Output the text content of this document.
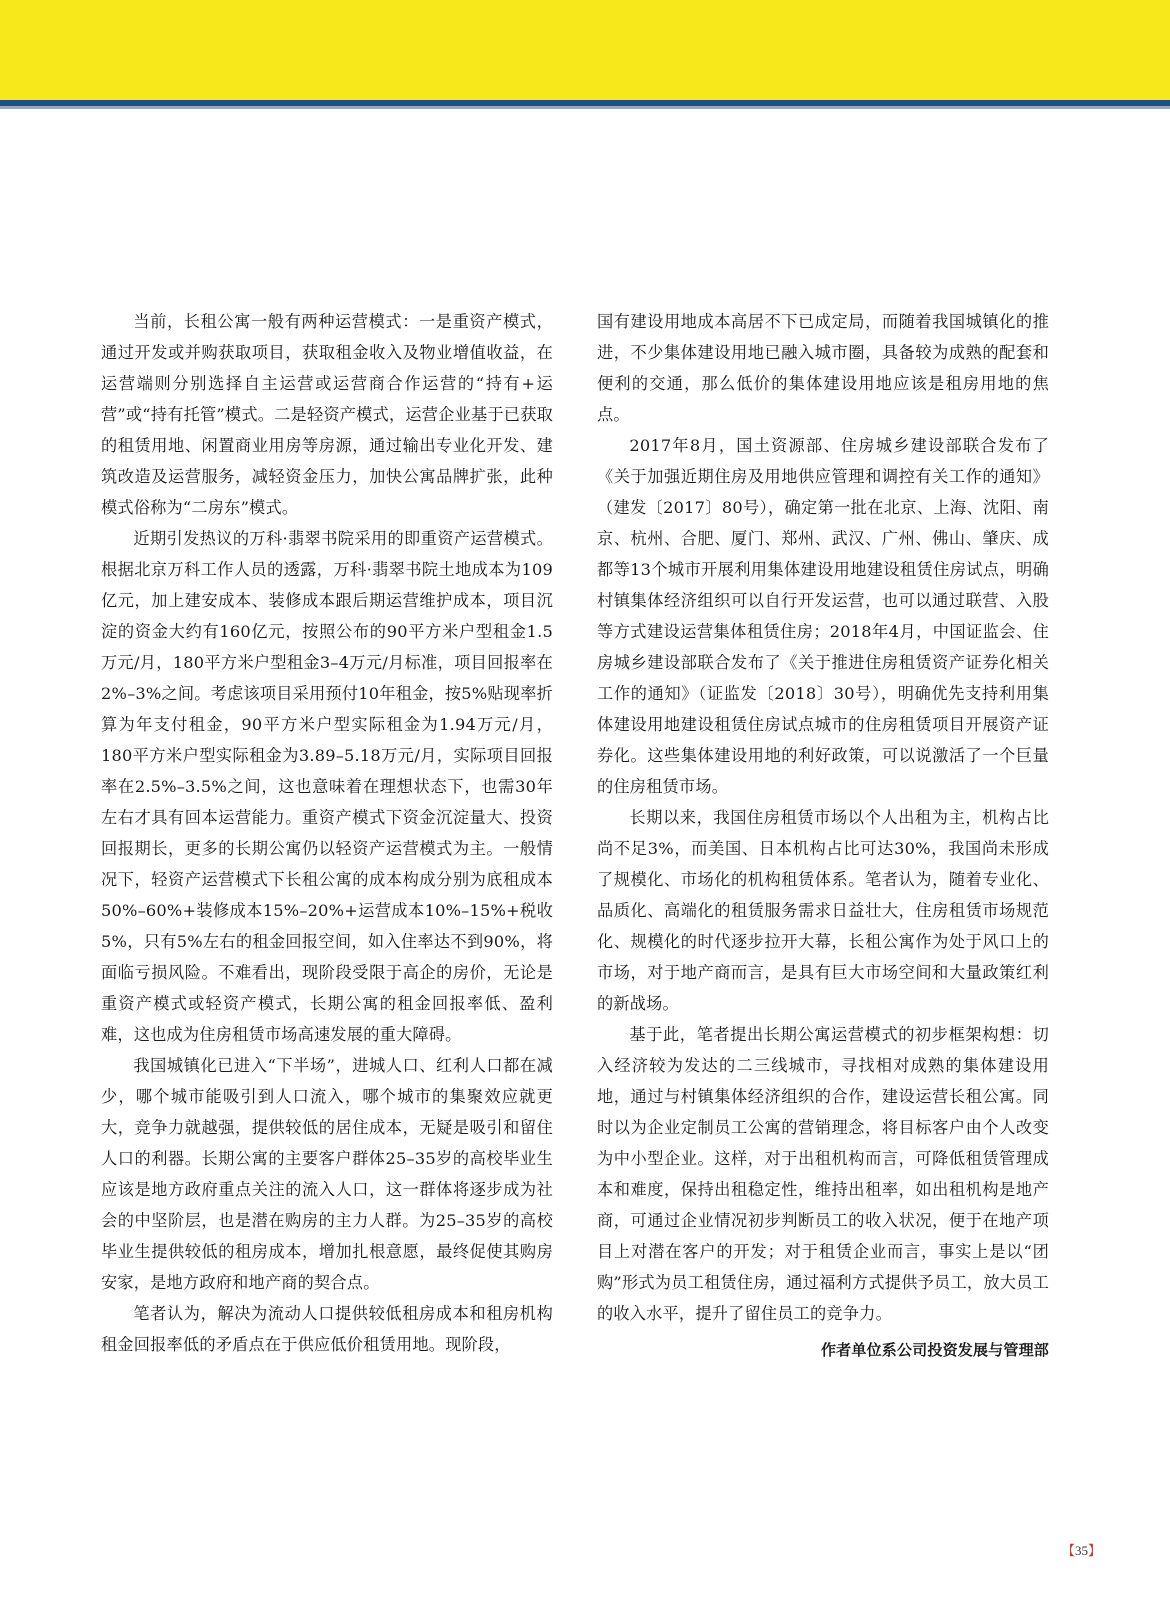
当前，长租公寓一般有两种运营模式：一是重资产模式，通过开发或并购获取项目，获取租金收入及物业增值收益，在运营端则分别选择自主运营或运营商合作运营的“持有+运营”或“持有托管”模式。二是轻资产模式，运营企业基于已获取的租赁用地、闲置商业用房等房源，通过输出专业化开发、建筑改造及运营服务，减轻资金压力，加快公寓品牌扩张，此种模式俗称为“二房东”模式。

近期引发热议的万科·翡翠书院采用的即重资产运营模式。根据北京万科工作人员的透露，万科·翡翠书院土地成本为109亿元，加上建安成本、装修成本跟后期运营维护成本，项目沉淀的资金大约有160亿元，按照公布的90平方米户型租金1.5万元/月，180平方米户型租金3–4万元/月标准，项目回报率在2%–3%之间。考虑该项目采用预付10年租金，按5%贴现率折算为年支付租金，90平方米户型实际租金为1.94万元/月，180平方米户型实际租金为3.89–5.18万元/月，实际项目回报率在2.5%–3.5%之间，这也意味着在理想状态下，也需30年左右才具有回本运营能力。重资产模式下资金沉淀量大、投资回报期长，更多的长期公寓仍以轻资产运营模式为主。一般情况下，轻资产运营模式下长租公寓的成本构成分别为底租成本50%–60%+装修成本15%–20%+运营成本10%–15%+税收5%，只有5%左右的租金回报空间，如入住率达不到90%，将面临亏损风险。不难看出，现阶段受限于高企的房价，无论是重资产模式或轻资产模式，长期公寓的租金回报率低、盈利难，这也成为住房租赁市场高速发展的重大障碍。

我国城镇化已进入“下半场”，进城人口、红利人口都在减少，哪个城市能吸引到人口流入，哪个城市的集聚效应就更大，竞争力就越强，提供较低的居住成本，无疑是吸引和留住人口的利器。长期公寓的主要客户群体25–35岁的高校毕业生应该是地方政府重点关注的流入人口，这一群体将逐步成为社会的中坚阶层，也是潜在购房的主力人群。为25–35岁的高校毕业生提供较低的租房成本，增加扎根意愿，最终促使其购房安家，是地方政府和地产商的契合点。

笔者认为，解决为流动人口提供较低租房成本和租房机构租金回报率低的矛盾点在于供应低价租赁用地。现阶段，

国有建设用地成本高居不下已成定局，而随着我国城镇化的推进，不少集体建设用地已融入城市圈，具备较为成熟的配套和便利的交通，那么低价的集体建设用地应该是租房用地的焦点。

2017年8月，国土资源部、住房城乡建设部联合发布了《关于加强近期住房及用地供应管理和调控有关工作的通知》（建发〔2017〕80号），确定第一批在北京、上海、沈阳、南京、杭州、合肥、厦门、郑州、武汉、广州、佛山、肇庆、成都等13个城市开展利用集体建设用地建设租赁住房试点，明确村镇集体经济组织可以自行开发运营，也可以通过联营、入股等方式建设运营集体租赁住房；2018年4月，中国证监会、住房城乡建设部联合发布了《关于推进住房租赁资产证券化相关工作的通知》（证监发〔2018〕30号），明确优先支持利用集体建设用地建设租赁住房试点城市的住房租赁项目开展资产证券化。这些集体建设用地的利好政策，可以说激活了一个巨量的住房租赁市场。

长期以来，我国住房租赁市场以个人出租为主，机构占比尚不足3%，而美国、日本机构占比可达30%，我国尚未形成了规模化、市场化的机构租赁体系。笔者认为，随着专业化、品质化、高端化的租赁服务需求日益壮大，住房租赁市场规范化、规模化的时代逐步拉开大幕，长租公寓作为处于风口上的市场，对于地产商而言，是具有巨大市场空间和大量政策红利的新战场。

基于此，笔者提出长期公寓运营模式的初步框架构想：切入经济较为发达的二三线城市，寻找相对成熟的集体建设用地，通过与村镇集体经济组织的合作，建设运营长租公寓。同时以为企业定制员工公寓的营销理念，将目标客户由个人改变为中小型企业。这样，对于出租机构而言，可降低租赁管理成本和难度，保持出租稳定性，维持出租率，如出租机构是地产商，可通过企业情况初步判断员工的收入状况，便于在地产项目上对潜在客户的开发；对于租赁企业而言，事实上是以“团购”形式为员工租赁住房，通过福利方式提供予员工，放大员工的收入水平，提升了留住员工的竞争力。

作者单位系公司投资发展与管理部

【35】
